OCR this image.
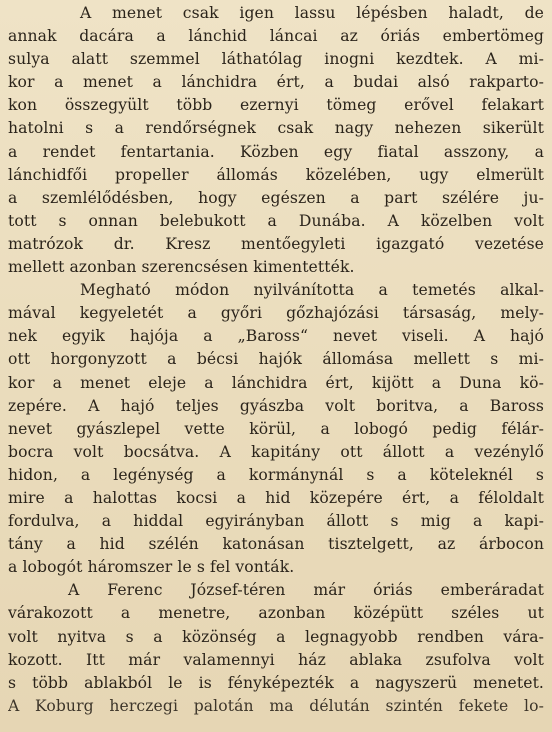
A menet csak igen lassu lépésben haladt, de
annak dacára a lánchid láncai az óriás embertömeg
sulya alatt szemmel láthatólag inogni kezdtek. A mi-
kor a menet a lánchidra ért, a budai alsó rakparto-
kon összegyült több ezernyi tömeg erővel felakart
hatolni s a rendőrségnek csak nagy nehezen sikerült
a rendet fentartania. Közben egy fiatal asszony, a
lánchidfői propeller állomás közelében, ugy elmerült
a szemlélődésben, hogy egészen a part szélére ju-
tott s onnan belebukott a Dunába. A közelben volt
matrózok dr. Kresz mentőegyleti igazgató vezetése
mellett azonban szerencsésen kimentették.
Megható módon nyilvánította a temetés alkal-
mával kegyeletét a győri gőzhajózási társaság, mely-
nek egyik hajója a „Baross“ nevet viseli. A hajó
ott horgonyzott a bécsi hajók állomása mellett s mi-
kor a menet eleje a lánchidra ért, kijött a Duna kö-
zepére. A hajó teljes gyászba volt boritva, a Baross
nevet gyászlepel vette körül, a lobogó pedig félár-
bocra volt bocsátva. A kapitány ott állott a vezénylő
hidon, a legénység a kormánynál s a köteleknél s
mire a halottas kocsi a hid közepére ért, a féloldalt
fordulva, a hiddal egyirányban állott s mig a kapi-
tány a hid szélén katonásan tisztelgett, az árbocon
a lobogót háromszer le s fel vonták.
A Ferenc József-téren már óriás emberáradat
várakozott a menetre, azonban középütt széles ut
volt nyitva s a közönség a legnagyobb rendben vára-
kozott. Itt már valamennyi ház ablaka zsufolva volt
s több ablakból le is fényképezték a nagyszerü menetet.
A Koburg herczegi palotán ma délután szintén fekete lo-
